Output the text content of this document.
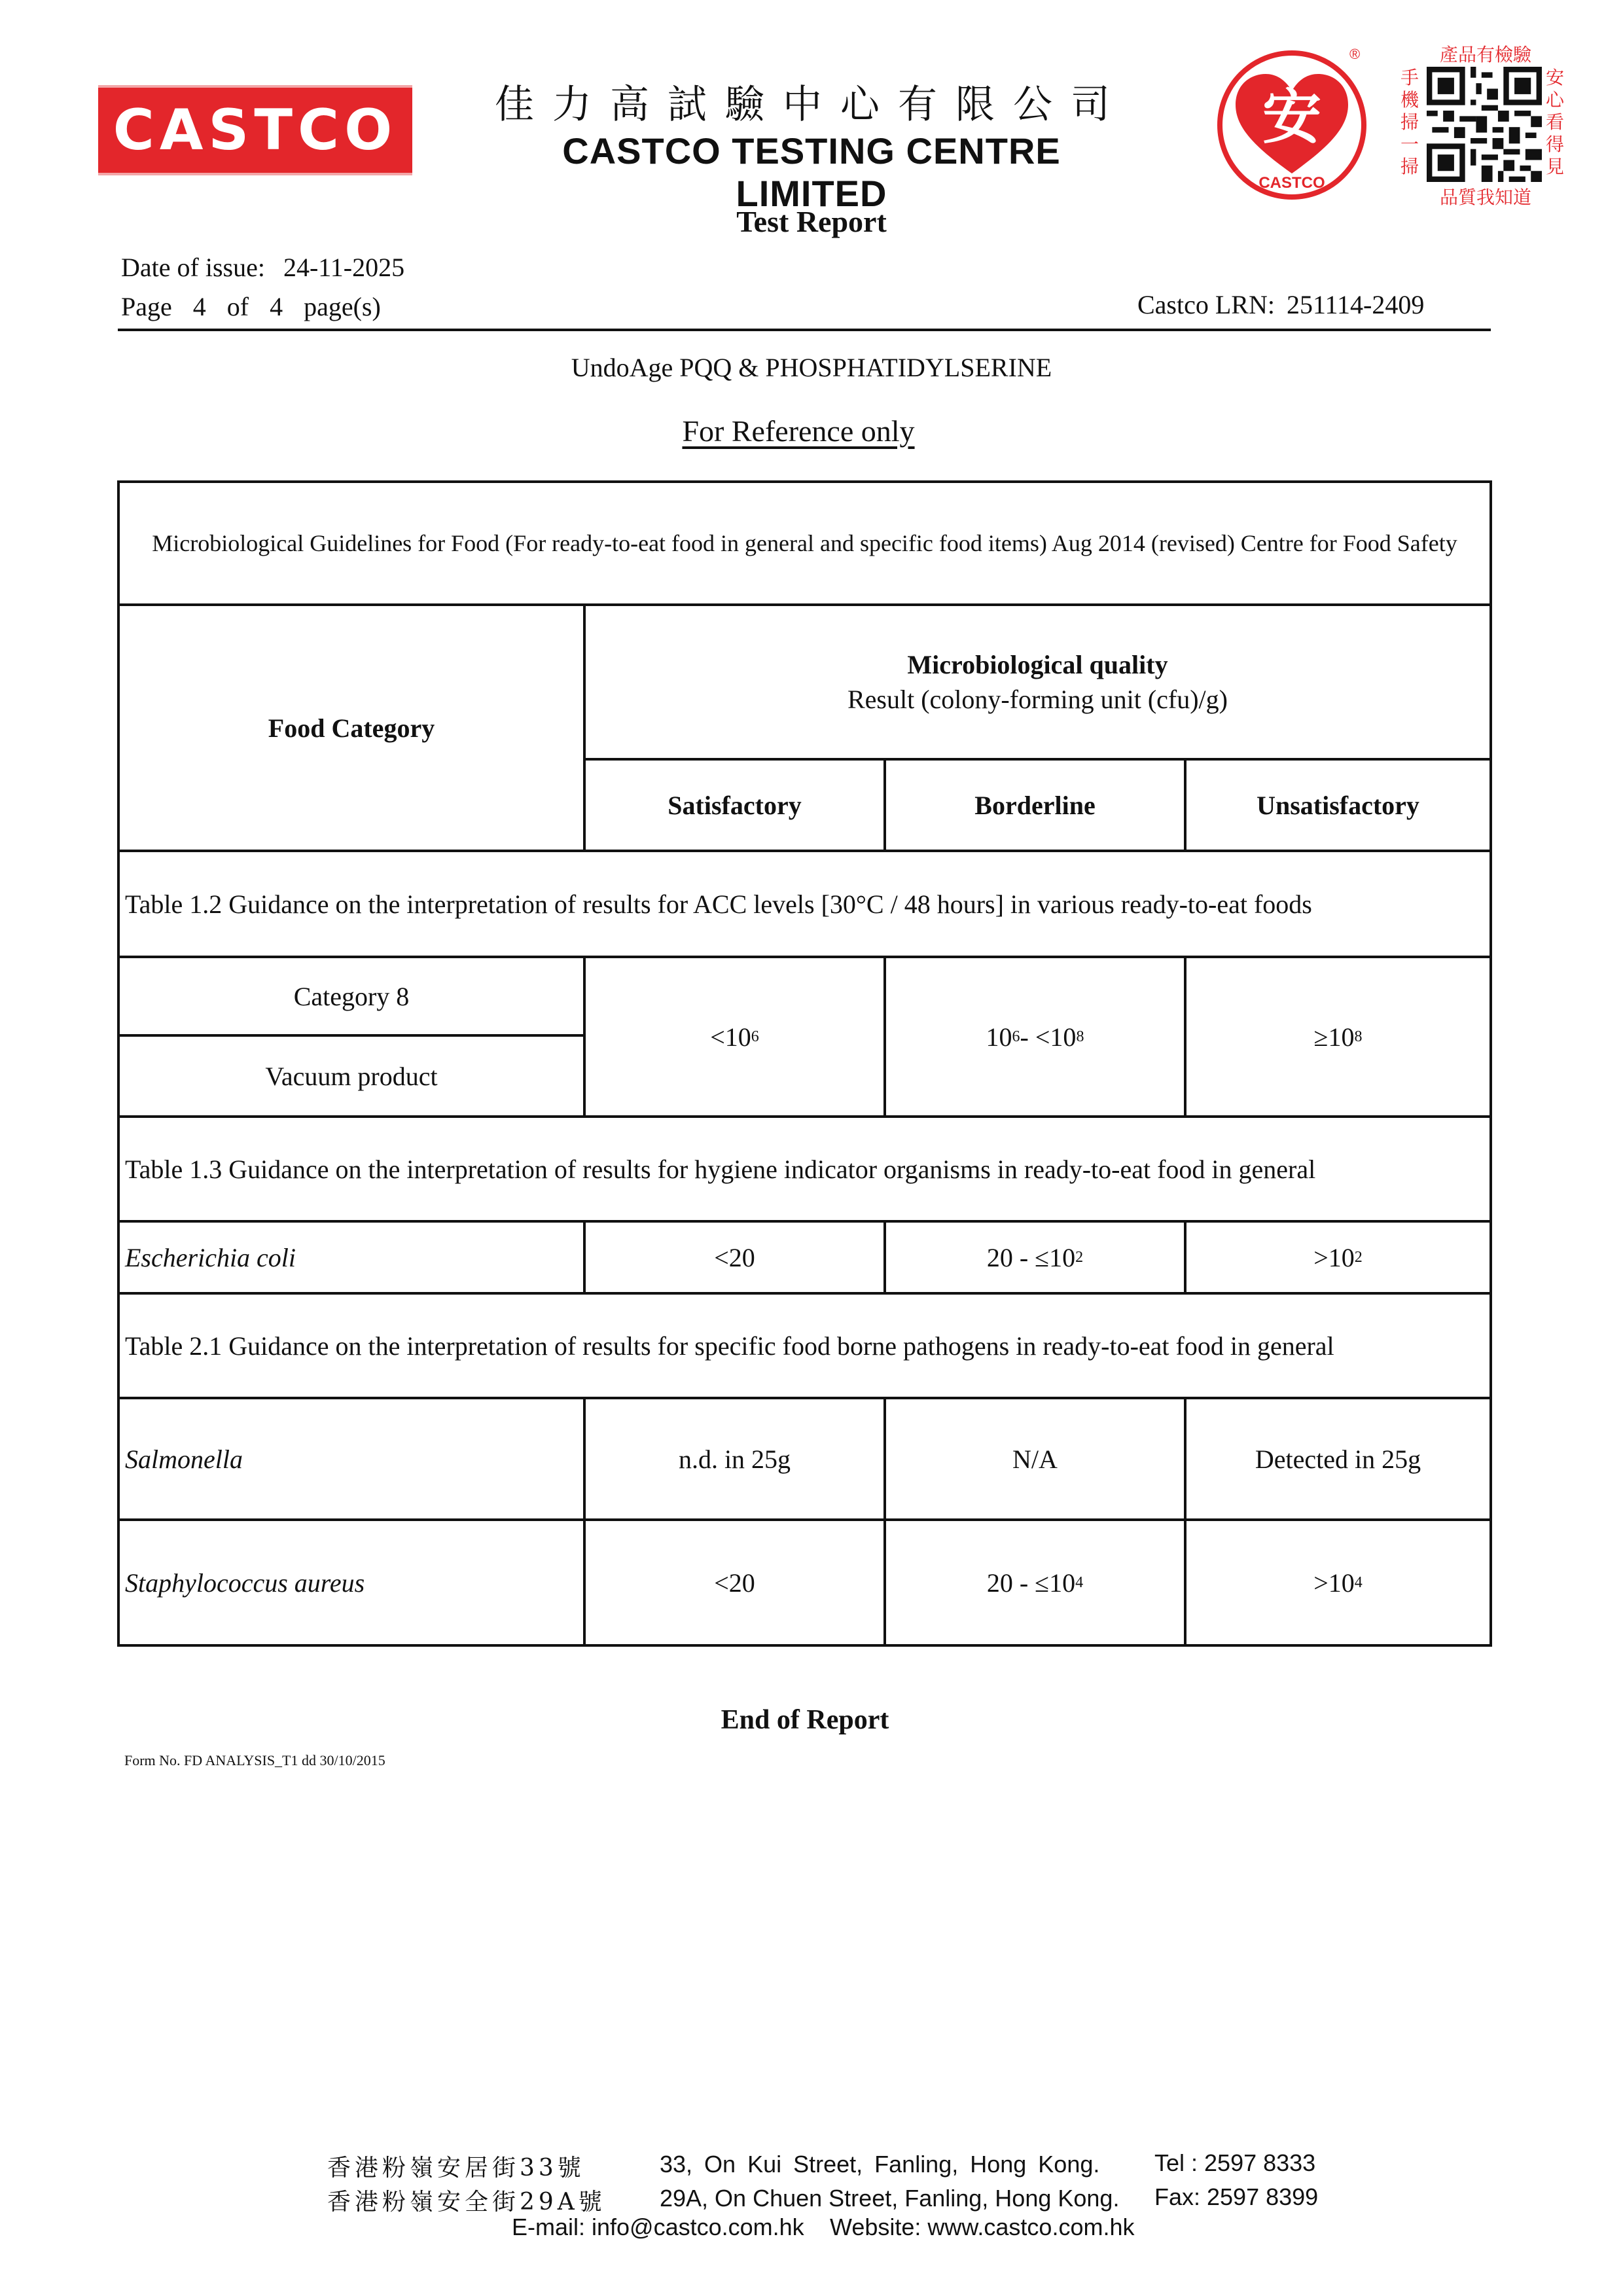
CASTCO 佳力高試驗中心有限公司
CASTCO TESTING CENTRE LIMITED
安
CASTCO
®	產品有檢驗
手機掃一掃
安心看得見
品質我知道
Test Report
Date of issue: 24-11-2025
Page 4 of 4 page(s)	Castco LRN: 251114-2409
UndoAge PQQ & PHOSPHATIDYLSERINE
For Reference only
Microbiological Guidelines for Food (For ready-to-eat food in general and specific food items) Aug 2014 (revised) Centre for Food Safety
Food Category
Microbiological quality
Result (colony-forming unit (cfu)/g)
Satisfactory	Borderline	Unsatisfactory
Table 1.2 Guidance on the interpretation of results for ACC levels [30°C / 48 hours] in various ready-to-eat foods
Category 8
Vacuum product
<10 6	10 6 - <10 8	≥10 8
Table 1.3 Guidance on the interpretation of results for hygiene indicator organisms in ready-to-eat food in general
Escherichia coli	<20	20 - ≤10 2	>10 2
Table 2.1 Guidance on the interpretation of results for specific food borne pathogens in ready-to-eat food in general
Salmonella	n.d. in 25g	N/A	Detected in 25g
Staphylococcus aureus	<20	20 - ≤10 4	>10 4
End of Report
Form No. FD ANALYSIS_T1 dd 30/10/2015
香港粉嶺安居街33號	33, On Kui Street, Fanling, Hong Kong. Tel : 2597 8333
香港粉嶺安全街29A號 29A, On Chuen Street, Fanling, Hong Kong. Fax: 2597 8399
E-mail: info@castco.com.hk Website: www.castco.com.hk
